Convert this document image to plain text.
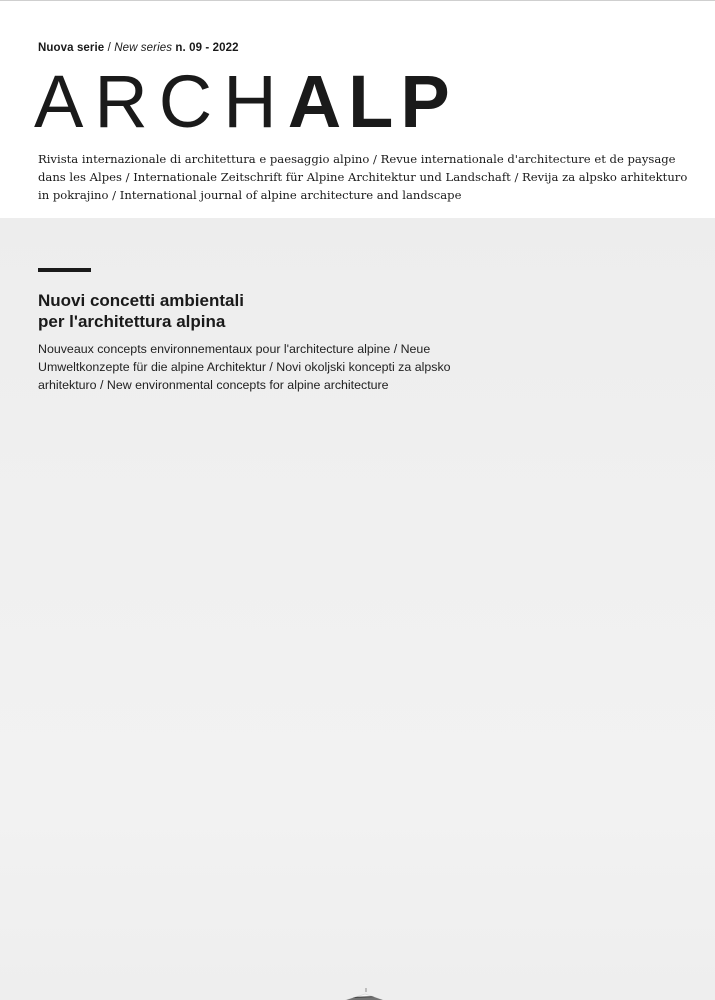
Nuova serie / New series n. 09 - 2022
ARCHALP
Rivista internazionale di architettura e paesaggio alpino / Revue internationale d'architecture et de paysage dans les Alpes / Internationale Zeitschrift für Alpine Architektur und Landschaft / Revija za alpsko arhitekturo in pokrajino / International journal of alpine architecture and landscape
Nuovi concetti ambientali
per l'architettura alpina
Nouveaux concepts environnementaux pour l'architecture alpine / Neue Umweltkonzepte für die alpine Architektur / Novi okoljski koncepti za alpsko arhitekturo / New environmental concepts for alpine architecture
